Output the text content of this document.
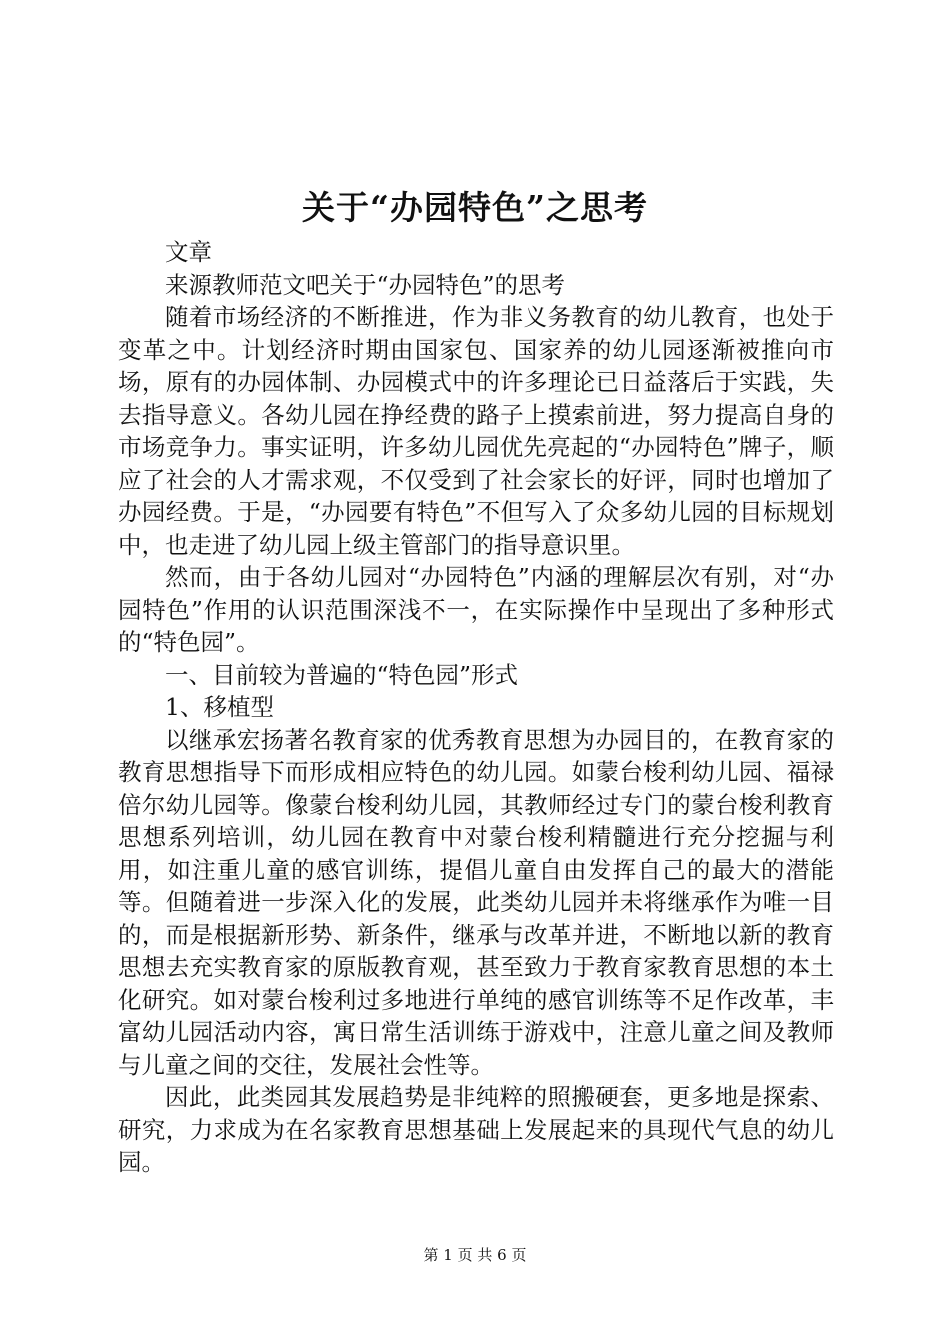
关于“办园特色”之思考

文章

来源教师范文吧关于“办园特色”的思考

随着市场经济的不断推进，作为非义务教育的幼儿教育，也处于变革之中。计划经济时期由国家包、国家养的幼儿园逐渐被推向市场，原有的办园体制、办园模式中的许多理论已日益落后于实践，失去指导意义。各幼儿园在挣经费的路子上摸索前进，努力提高自身的市场竞争力。事实证明，许多幼儿园优先亮起的“办园特色”牌子，顺应了社会的人才需求观，不仅受到了社会家长的好评，同时也增加了办园经费。于是，“办园要有特色”不但写入了众多幼儿园的目标规划中，也走进了幼儿园上级主管部门的指导意识里。

然而，由于各幼儿园对“办园特色”内涵的理解层次有别，对“办园特色”作用的认识范围深浅不一，在实际操作中呈现出了多种形式的“特色园”。

一、目前较为普遍的“特色园”形式

1、移植型

以继承宏扬著名教育家的优秀教育思想为办园目的，在教育家的教育思想指导下而形成相应特色的幼儿园。如蒙台梭利幼儿园、福禄倍尔幼儿园等。像蒙台梭利幼儿园，其教师经过专门的蒙台梭利教育思想系列培训，幼儿园在教育中对蒙台梭利精髓进行充分挖掘与利用，如注重儿童的感官训练，提倡儿童自由发挥自己的最大的潜能等。但随着进一步深入化的发展，此类幼儿园并未将继承作为唯一目的，而是根据新形势、新条件，继承与改革并进，不断地以新的教育思想去充实教育家的原版教育观，甚至致力于教育家教育思想的本土化研究。如对蒙台梭利过多地进行单纯的感官训练等不足作改革，丰富幼儿园活动内容，寓日常生活训练于游戏中，注意儿童之间及教师与儿童之间的交往，发展社会性等。

因此，此类园其发展趋势是非纯粹的照搬硬套，更多地是探索、研究，力求成为在名家教育思想基础上发展起来的具现代气息的幼儿园。

第 1 页 共 6 页
